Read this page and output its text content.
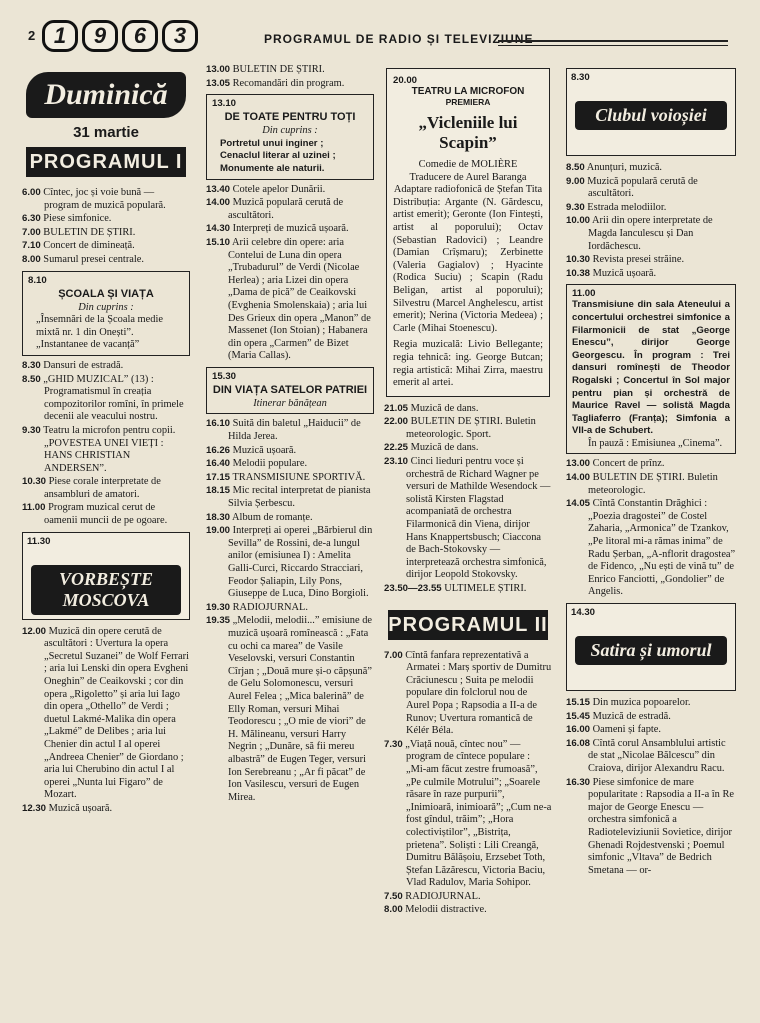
2 1	9	6	3	PROGRAMUL DE RADIO ȘI TELEVIZIUNE
Duminică
31 martie
PROGRAMUL I
6.00 Cîntec, joc și voie bună — program de muzică populară.
6.30 Piese simfonice.
7.00 BULETIN DE ȘTIRI.
7.10 Concert de dimineață.
8.00 Sumarul presei centrale.
8.10
ȘCOALA ȘI VIAȚA
Din cuprins :
„Însemnări de la Școala medie mixtă nr. 1 din Onești”.
„Instantanee de vacanță”
8.30 Dansuri de estradă.
8.50 „GHID MUZICAL” (13) : Programatismul în creația compozitorilor romîni, în primele decenii ale veacului nostru.
9.30 Teatru la microfon pentru copii. „POVESTEA UNEI VIEȚI : HANS CHRISTIAN ANDERSEN”.
10.30 Piese corale interpretate de ansambluri de amatori.
11.00 Program muzical cerut de oamenii muncii de pe ogoare.
11.30
VORBEȘTE MOSCOVA
12.00 Muzică din opere cerută de ascultători : Uvertura la opera „Secretul Suzanei” de Wolf Ferrari ; aria lui Lenski din opera Evgheni Oneghin” de Ceaikovski ; cor din opera „Rigoletto” și aria lui Iago din opera „Othello” de Verdi ; duetul Lakmé-Malika din opera „Lakmé” de Delibes ; aria lui Chenier din actul I al operei „Andreea Chenier” de Giordano ; aria lui Cherubino din actul I al operei „Nunta lui Figaro” de Mozart.
12.30 Muzică ușoară.
13.00 BULETIN DE ȘTIRI.
13.05 Recomandări din program.
13.10
DE TOATE PENTRU TOȚI
Din cuprins :
Portretul unui inginer ;
Cenaclul literar al uzinei ;
Monumente ale naturii.
13.40 Cotele apelor Dunării.
14.00 Muzică populară cerută de ascultători.
14.30 Interpreți de muzică ușoară.
15.10 Arii celebre din opere: aria Contelui de Luna din opera „Trubadurul” de Verdi (Nicolae Herlea) ; aria Lizei din opera „Dama de pică” de Ceaikovski (Evghenia Smolenskaia) ; aria lui Des Grieux din opera „Manon” de Massenet (Ion Stoian) ; Habanera din opera „Carmen” de Bizet (Maria Callas).
15.30
DIN VIAȚA SATELOR PATRIEI
Itinerar bănățean
16.10 Suită din baletul „Haiducii” de Hilda Jerea.
16.26 Muzică ușoară.
16.40 Melodii populare.
17.15 TRANSMISIUNE SPORTIVĂ.
18.15 Mic recital interpretat de pianista Silvia Șerbescu.
18.30 Album de romanțe.
19.00 Interpreți ai operei „Bărbierul din Sevilla” de Rossini, de-a lungul anilor (emisiunea I) : Amelita Galli-Curci, Riccardo Stracciari, Feodor Șaliapin, Lily Pons, Giuseppe de Luca, Dino Borgioli.
19.30 RADIOJURNAL.
19.35 „Melodii, melodii...” emisiune de muzică ușoară romînească : „Fata cu ochi ca marea” de Vasile Veselovski, versuri Constantin Cîrjan ; „Două mure și-o căpșună” de Gelu Solomonescu, versuri Aurel Felea ; „Mica balerină” de Elly Roman, versuri Mihai Teodorescu ; „O mie de viori” de H. Mălineanu, versuri Harry Negrin ; „Dunăre, să fii mereu albastră” de Eugen Teger, versuri Ion Serebreanu ; „Ar fi păcat” de Ion Vasilescu, versuri de Eugen Mirea.
20.00
TEATRU LA MICROFON
PREMIERA
„Vicleniile lui Scapin”
Comedie de MOLIÈRE
Traducere de Aurel Baranga
Adaptare radiofonică de Ștefan Tita
Distribuția: Argante (N. Gărdescu, artist emerit); Geronte (Ion Fintești, artist al poporului); Octav (Sebastian Radovici) ; Leandre (Damian Crîșmaru); Zerbinette (Valeria Gagialov) ; Hyacinte (Rodica Suciu) ; Scapin (Radu Beligan, artist al poporului); Silvestru (Marcel Anghelescu, artist emerit); Nerina (Victoria Medeea) ; Carle (Mihai Stoenescu).
Regia muzicală: Livio Bellegante; regia tehnică: ing. George Butcan; regia artistică: Mihai Zirra, maestru emerit al artei.
21.05 Muzică de dans.
22.00 BULETIN DE ȘTIRI. Buletin meteorologic. Sport.
22.25 Muzică de dans.
23.10 Cinci lieduri pentru voce și orchestră de Richard Wagner pe versuri de Mathilde Wesendock — solistă Kirsten Flagstad acompaniată de orchestra Filarmonică din Viena, dirijor Hans Knappertsbusch; Ciaccona de Bach-Stokovsky — interpretează orchestra simfonică, dirijor Leopold Stokovsky.
23.50—23.55 ULTIMELE ȘTIRI.
PROGRAMUL II
7.00 Cîntă fanfara reprezentativă a Armatei : Marș sportiv de Dumitru Crăciunescu ; Suita pe melodii populare din folclorul nou de Aurel Popa ; Rapsodia a II-a de Runov; Uvertura romantică de Kélér Béla.
7.30 „Viață nouă, cîntec nou” — program de cîntece populare : „Mi-am făcut zestre frumoasă”, „Pe culmile Motrului”; „Soarele răsare în raze purpurii”, „Inimioară, inimioară”; „Cum ne-a fost gîndul, trăim”; „Hora colectiviștilor”, „Bistrița, prietena”. Soliști : Lili Creangă, Dumitru Bălășoiu, Erzsebet Toth, Ștefan Lăzărescu, Victoria Baciu, Vlad Radulov, Maria Sohipor.
7.50 RADIOJURNAL.
8.00 Melodii distractive.
8.30
Clubul voioșiei
8.50 Anunțuri, muzică.
9.00 Muzică populară cerută de ascultători.
9.30 Estrada melodiilor.
10.00 Arii din opere interpretate de Magda Ianculescu și Dan Iordăchescu.
10.30 Revista presei străine.
10.38 Muzică ușoară.
11.00
Transmisiune din sala Ateneului a concertului orchestrei simfonice a Filarmonicii de stat „George Enescu”, dirijor George Georgescu. În program : Trei dansuri romînești de Theodor Rogalski ; Concertul în Sol major pentru pian și orchestră de Maurice Ravel — solistă Magda Tagliaferro (Franța); Simfonia a VII-a de Schubert.
În pauză : Emisiunea „Cinema”.
13.00 Concert de prînz.
14.00 BULETIN DE ȘTIRI. Buletin meteorologic.
14.05 Cîntă Constantin Drăghici : „Poezia dragostei” de Costel Zaharia, „Armonica” de Tzankov, „Pe litoral mi-a rămas inima” de Radu Șerban, „A-nflorit dragostea” de Fidenco, „Nu ești de vină tu” de Enrico Fanciotti, „Gondolier” de Angelis.
14.30
Satira și umorul
15.15 Din muzica popoarelor.
15.45 Muzică de estradă.
16.00 Oameni și fapte.
16.08 Cîntă corul Ansamblului artistic de stat „Nicolae Bălcescu” din Craiova, dirijor Alexandru Racu.
16.30 Piese simfonice de mare popularitate : Rapsodia a II-a în Re major de George Enescu — orchestra simfonică a Radioteleviziunii Sovietice, dirijor Ghenadi Rojdestvenski ; Poemul simfonic „Vltava” de Bedrich Smetana — or-
